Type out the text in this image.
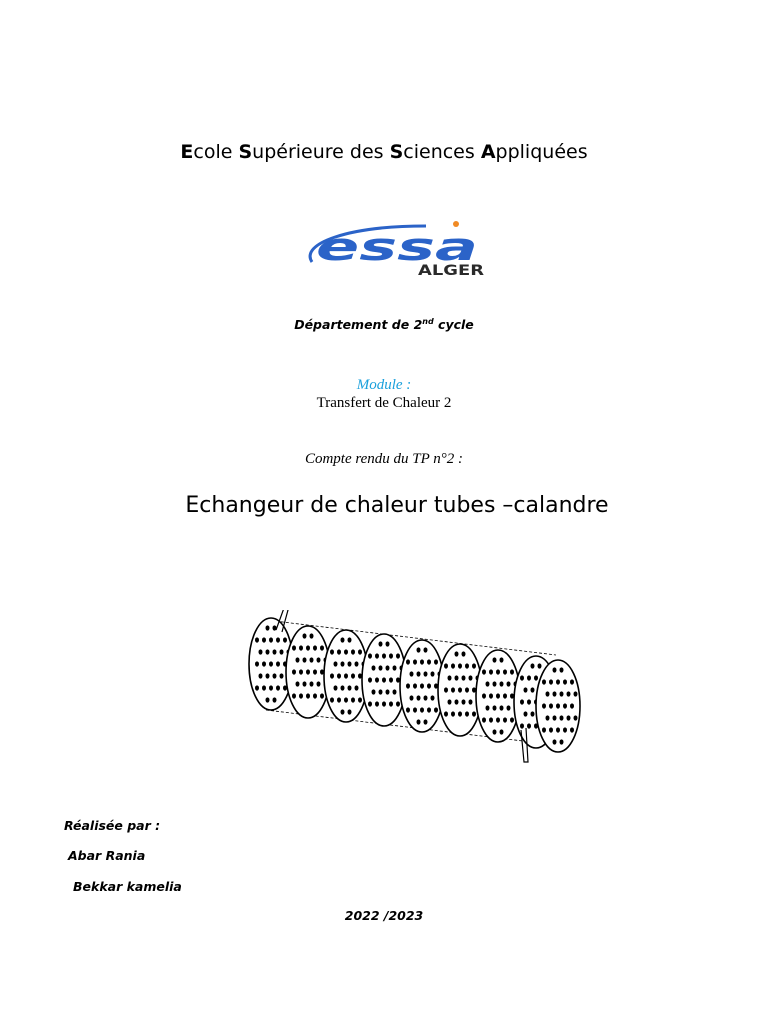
Ecole Supérieure des Sciences Appliquées
essa
ALGER
Département de 2nd cycle
Module :
Transfert de Chaleur 2
Compte rendu du TP n°2 :
Echangeur de chaleur tubes –calandre
Réalisée par :
Abar Rania
Bekkar kamelia
2022 /2023
